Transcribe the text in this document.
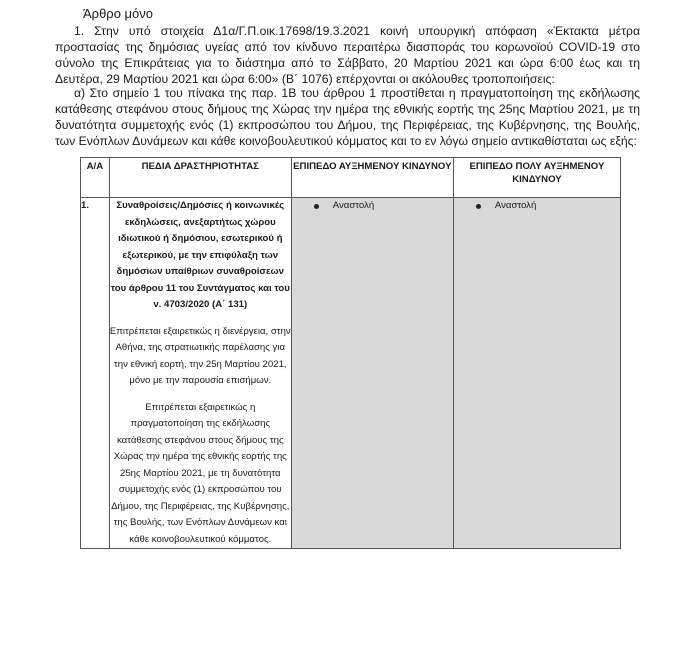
Άρθρο μόνο
1. Στην υπό στοιχεία Δ1α/Γ.Π.οικ.17698/19.3.2021 κοινή υπουργική απόφαση «Έκτακτα μέτρα προστασίας της δημόσιας υγείας από τον κίνδυνο περαιτέρω διασποράς του κορωνοϊού COVID-19 στο σύνολο της Επικράτειας για το διάστημα από το Σάββατο, 20 Μαρτίου 2021 και ώρα 6:00 έως και τη Δευτέρα, 29 Μαρτίου 2021 και ώρα 6:00» (Β΄ 1076) επέρχονται οι ακόλουθες τροποποιήσεις:
α) Στο σημείο 1 του πίνακα της παρ. 1Β του άρθρου 1 προστίθεται η πραγματοποίηση της εκδήλωσης κατάθεσης στεφάνου στους δήμους της Χώρας την ημέρα της εθνικής εορτής της 25ης Μαρτίου 2021, με τη δυνατότητα συμμετοχής ενός (1) εκπροσώπου του Δήμου, της Περιφέρειας, της Κυβέρνησης, της Βουλής, των Ενόπλων Δυνάμεων και κάθε κοινοβουλευτικού κόμματος και το εν λόγω σημείο αντικαθίσταται ως εξής:
Α/Α	ΠΕΔΙΑ ΔΡΑΣΤΗΡΙΟΤΗΤΑΣ	ΕΠΙΠΕΔΟ ΑΥΞΗΜΕΝΟΥ ΚΙΝΔΥΝΟΥ	ΕΠΙΠΕΔΟ ΠΟΛΥ ΑΥΞΗΜΕΝΟΥ ΚΙΝΔΥΝΟΥ
1.	Συναθροίσεις/Δημόσιες ή κοινωνικές εκδηλώσεις, ανεξαρτήτως χώρου ιδιωτικού ή δημόσιου, εσωτερικού ή εξωτερικού, με την επιφύλαξη των δημόσιων υπαίθριων συναθροίσεων του άρθρου 11 του Συντάγματος και του ν. 4703/2020 (Α΄ 131)
Επιτρέπεται εξαιρετικώς η διενέργεια, στην Αθήνα, της στρατιωτικής παρέλασης για την εθνική εορτή, την 25η Μαρτίου 2021, μόνο με την παρουσία επισήμων.
Επιτρέπεται εξαιρετικώς η πραγματοποίηση της εκδήλωσης κατάθεσης στεφάνου στους δήμους της Χώρας την ημέρα της εθνικής εορτής της 25ης Μαρτίου 2021, με τη δυνατότητα συμμετοχής ενός (1) εκπροσώπου του Δήμου, της Περιφέρειας, της Κυβέρνησης, της Βουλής, των Ενόπλων Δυνάμεων και κάθε κοινοβουλευτικού κόμματος.	Αναστολή	Αναστολή
